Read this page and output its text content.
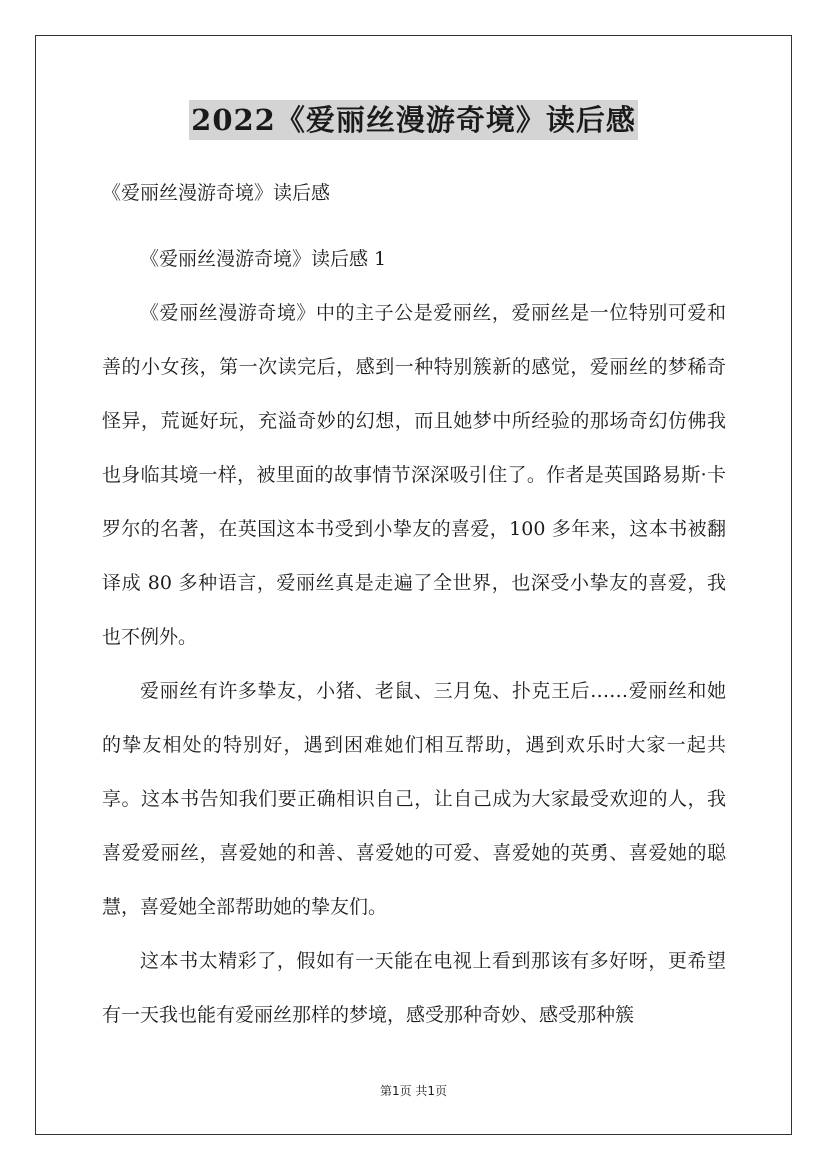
2022《爱丽丝漫游奇境》读后感
《爱丽丝漫游奇境》读后感
《爱丽丝漫游奇境》读后感 1

《爱丽丝漫游奇境》中的主子公是爱丽丝，爱丽丝是一位特别可爱和善的小女孩，第一次读完后，感到一种特别簇新的感觉，爱丽丝的梦稀奇怪异，荒诞好玩，充溢奇妙的幻想，而且她梦中所经验的那场奇幻仿佛我也身临其境一样，被里面的故事情节深深吸引住了。作者是英国路易斯·卡罗尔的名著，在英国这本书受到小挚友的喜爱，100 多年来，这本书被翻译成 80 多种语言，爱丽丝真是走遍了全世界，也深受小挚友的喜爱，我也不例外。

爱丽丝有许多挚友，小猪、老鼠、三月兔、扑克王后……爱丽丝和她的挚友相处的特别好，遇到困难她们相互帮助，遇到欢乐时大家一起共享。这本书告知我们要正确相识自己，让自己成为大家最受欢迎的人，我喜爱爱丽丝，喜爱她的和善、喜爱她的可爱、喜爱她的英勇、喜爱她的聪慧，喜爱她全部帮助她的挚友们。

这本书太精彩了，假如有一天能在电视上看到那该有多好呀，更希望有一天我也能有爱丽丝那样的梦境，感受那种奇妙、感受那种簇

第1页 共1页
